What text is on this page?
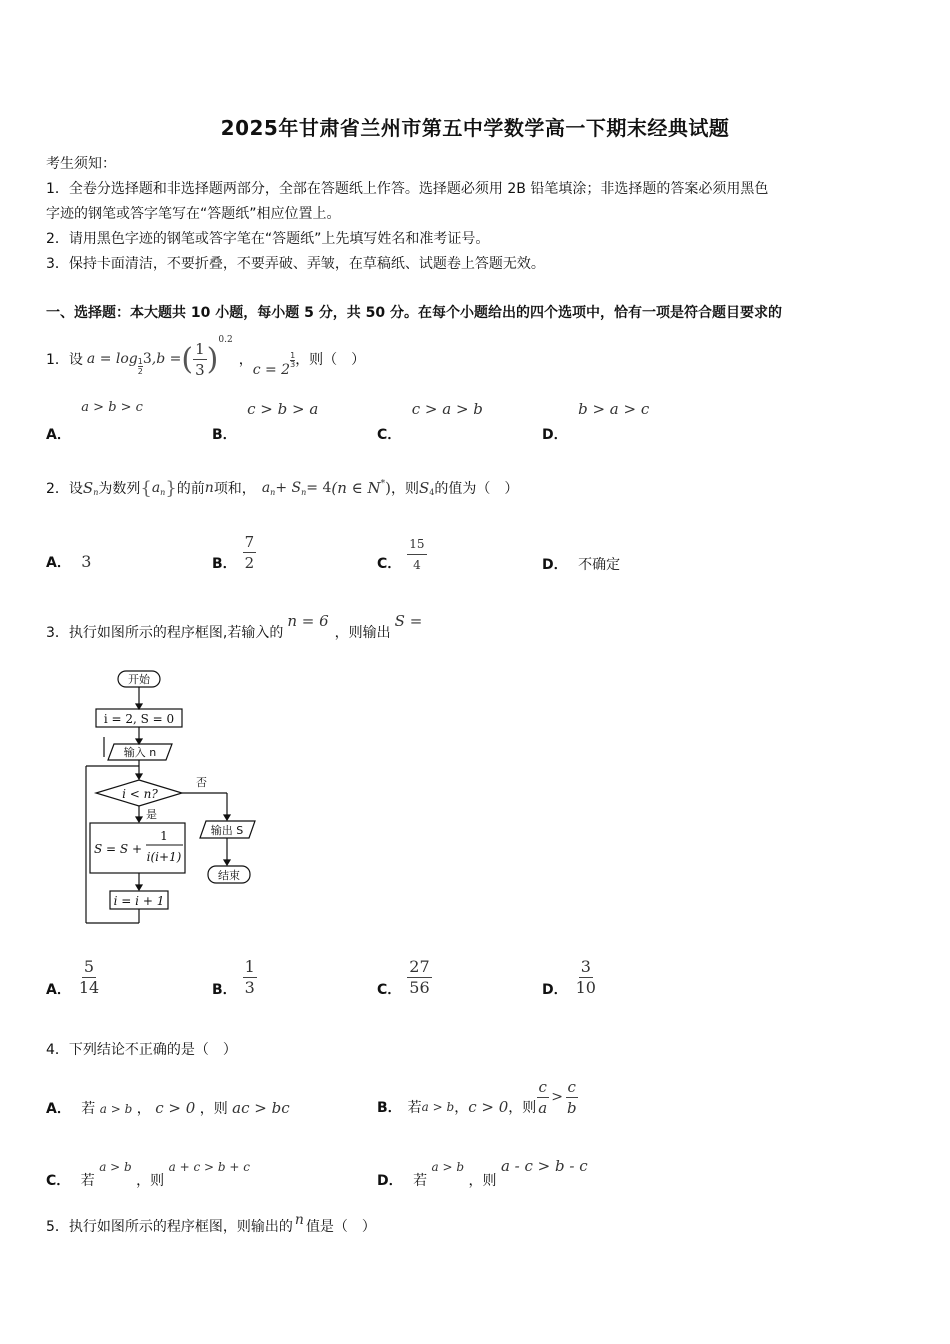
2025年甘肃省兰州市第五中学数学高一下期末经典试题
考生须知：
1．全卷分选择题和非选择题两部分，全部在答题纸上作答。选择题必须用 2B 铅笔填涂；非选择题的答案必须用黑色
字迹的钢笔或答字笔写在“答题纸”相应位置上。
2．请用黑色字迹的钢笔或答字笔在“答题纸”上先填写姓名和准考证号。
3．保持卡面清洁，不要折叠，不要弄破、弄皱，在草稿纸、试题卷上答题无效。
一、选择题：本大题共 10 小题，每小题 5 分，共 50 分。在每个小题给出的四个选项中，恰有一项是符合题目要求的
1．设 $a = \log \frac{1}{2} 3$ ,b = ( $\frac{1}{3}$ )
0.2
，
c = 2
$\frac{1}{3}$ ，则（　）
A． a > b > c
B． c > b > a
C． c > a > b
D． b > a > c
2．设 S n 为数列 { a n } 的前 n 项和， a n + S n = 4 (n ∈ N * ) ，则 S 4 的值为（　）
A． 3	B． $\frac{7}{2}$	C． $\frac{15}{4}$	D． 不确定
3．执行如图所示的程序框图,若输入的
n = 6
，则输出
S =
开始
i = 2, S = 0
输入 n
i < n?
否
是
S = S +
1
i(i+1)
i = i + 1
输出 S
结束
A． $\frac{5}{14}$	B． $\frac{1}{3}$	C． $\frac{27}{56}$	D． $\frac{3}{10}$
4．下列结论不正确的是（　）
A． 若 a > b ， c > 0 ，则 ac > bc	B． 若 a > b ， c > 0 ，则 $\frac{c}{a} > \frac{c}{b}$
C． 若 a > b ，则 a + c > b + c
D． 若 a > b ，则 a - c > b - c
5．执行如图所示的程序框图，则输出的 n 值是（　）
